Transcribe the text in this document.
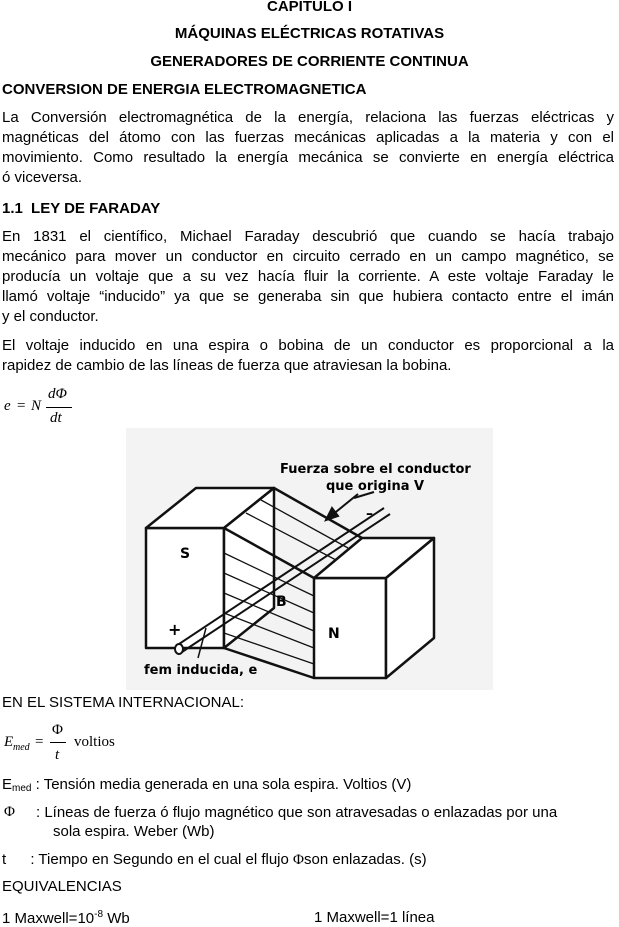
CAPITULO I
MÁQUINAS ELÉCTRICAS ROTATIVAS
GENERADORES DE CORRIENTE CONTINUA
CONVERSION DE ENERGIA ELECTROMAGNETICA
La Conversión electromagnética de la energía, relaciona las fuerzas eléctricas y
magnéticas del átomo con las fuerzas mecánicas aplicadas a la materia y con el
movimiento. Como resultado la energía mecánica se convierte en energía eléctrica
ó viceversa.
1.1 LEY DE FARADAY
En 1831 el científico, Michael Faraday descubrió que cuando se hacía trabajo
mecánico para mover un conductor en circuito cerrado en un campo magnético, se
producía un voltaje que a su vez hacía fluir la corriente. A este voltaje Faraday le
llamó voltaje “inducido” ya que se generaba sin que hubiera contacto entre el imán
y el conductor.
El voltaje inducido en una espira o bobina de un conductor es proporcional a la
rapidez de cambio de las líneas de fuerza que atraviesan la bobina.
e = N
dΦ
dt
Fuerza sobre el conductor
que origina V
S
N
B
+
–
fem inducida, e
EN EL SISTEMA INTERNACIONAL:
E med =
Φ
t
voltios
Emed : Tensión media generada en una sola espira. Voltios (V)
Φ : Líneas de fuerza ó flujo magnético que son atravesadas o enlazadas por una
sola espira. Weber (Wb)
t : Tiempo en Segundo en el cual el flujo Φson enlazadas. (s)
EQUIVALENCIAS
1 $Maxwell=10^{-8}$ Wb	1 Maxwell=1 línea
